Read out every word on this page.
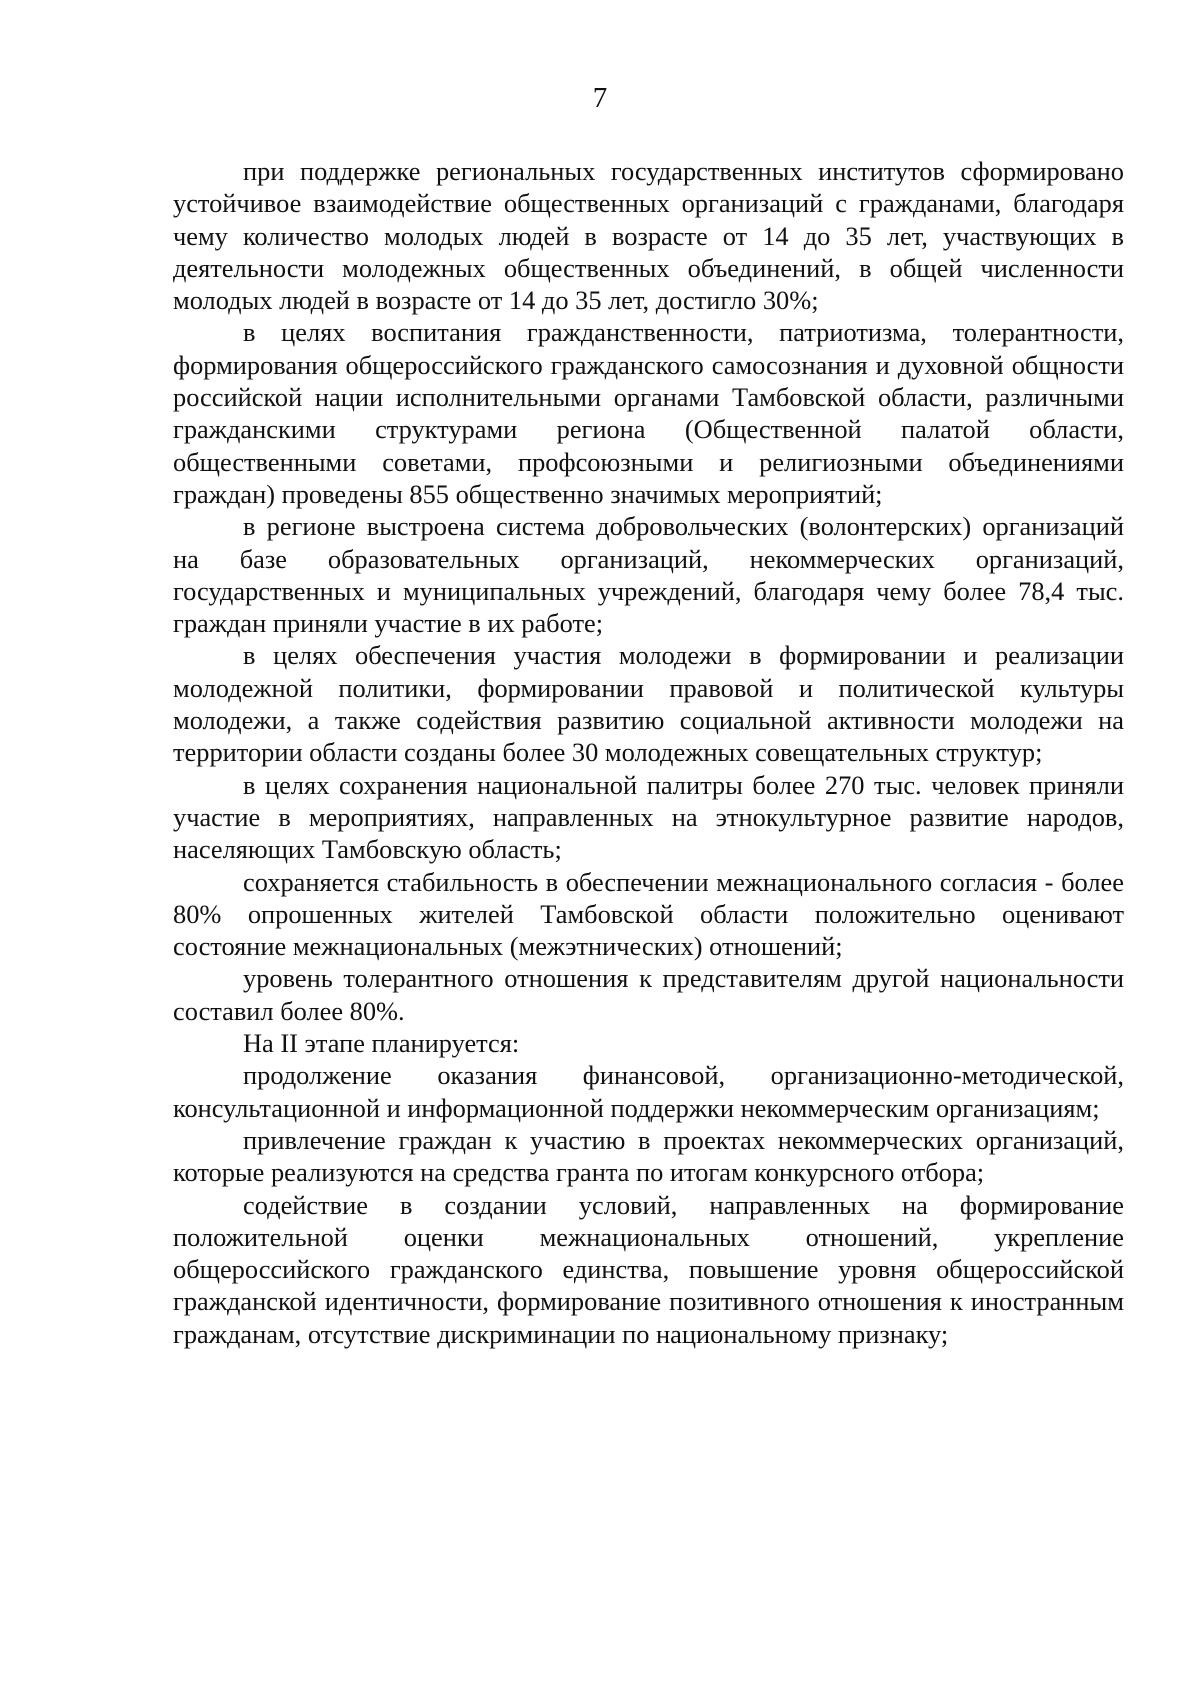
7

при поддержке региональных государственных институтов сформировано устойчивое взаимодействие общественных организаций с гражданами, благодаря чему количество молодых людей в возрасте от 14 до 35 лет, участвующих в деятельности молодежных общественных объединений, в общей численности молодых людей в возрасте от 14 до 35 лет, достигло 30%;

в целях воспитания гражданственности, патриотизма, толерантности, формирования общероссийского гражданского самосознания и духовной общности российской нации исполнительными органами Тамбовской области, различными гражданскими структурами региона (Общественной палатой области, общественными советами, профсоюзными и религиозными объединениями граждан) проведены 855 общественно значимых мероприятий;

в регионе выстроена система добровольческих (волонтерских) организаций на базе образовательных организаций, некоммерческих организаций, государственных и муниципальных учреждений, благодаря чему более 78,4 тыс. граждан приняли участие в их работе;

в целях обеспечения участия молодежи в формировании и реализации молодежной политики, формировании правовой и политической культуры молодежи, а также содействия развитию социальной активности молодежи на территории области созданы более 30 молодежных совещательных структур;

в целях сохранения национальной палитры более 270 тыс. человек приняли участие в мероприятиях, направленных на этнокультурное развитие народов, населяющих Тамбовскую область;

сохраняется стабильность в обеспечении межнационального согласия - более 80% опрошенных жителей Тамбовской области положительно оценивают состояние межнациональных (межэтнических) отношений;

уровень толерантного отношения к представителям другой национальности составил более 80%.

На II этапе планируется:

продолжение оказания финансовой, организационно-методической, консультационной и информационной поддержки некоммерческим организациям;

привлечение граждан к участию в проектах некоммерческих организаций, которые реализуются на средства гранта по итогам конкурсного отбора;

содействие в создании условий, направленных на формирование положительной оценки межнациональных отношений, укрепление общероссийского гражданского единства, повышение уровня общероссийской гражданской идентичности, формирование позитивного отношения к иностранным гражданам, отсутствие дискриминации по национальному признаку;
